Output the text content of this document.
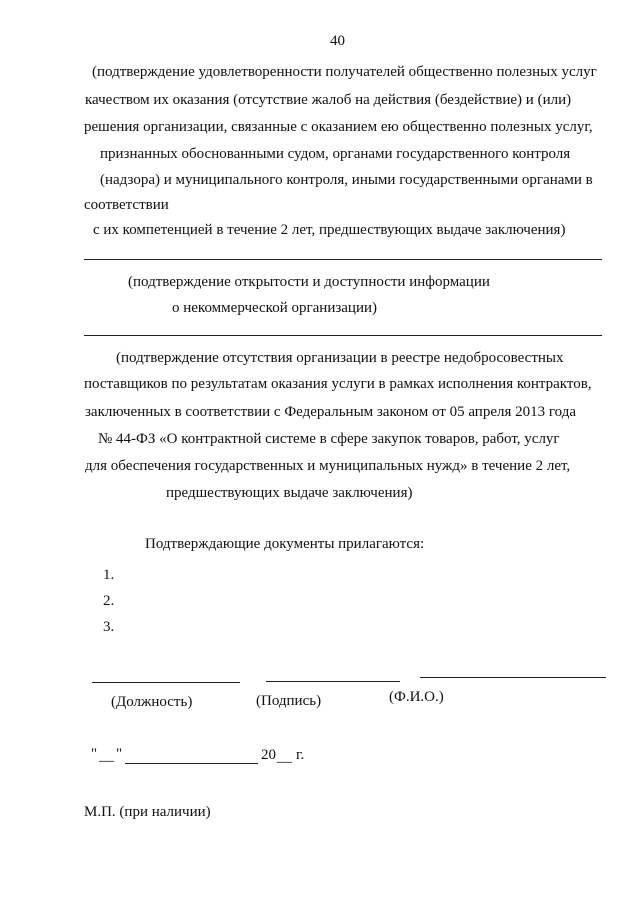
40
(подтверждение удовлетворенности получателей общественно полезных услуг
качеством их оказания (отсутствие жалоб на действия (бездействие) и (или)
решения организации, связанные с оказанием ею общественно полезных услуг,
признанных обоснованными судом, органами государственного контроля
(надзора) и муниципального контроля, иными государственными органами в
соответствии
с их компетенцией в течение 2 лет, предшествующих выдаче заключения)
(подтверждение открытости и доступности информации
о некоммерческой организации)
(подтверждение отсутствия организации в реестре недобросовестных
поставщиков по результатам оказания услуги в рамках исполнения контрактов,
заключенных в соответствии с Федеральным законом от 05 апреля 2013 года
№ 44-ФЗ «О контрактной системе в сфере закупок товаров, работ, услуг
для обеспечения государственных и муниципальных нужд» в течение 2 лет,
предшествующих выдаче заключения)
Подтверждающие документы прилагаются:
1.
2.
3.
(Должность)	(Подпись)	(Ф.И.О.)
" __ "	20 __ г.
М.П. (при наличии)
